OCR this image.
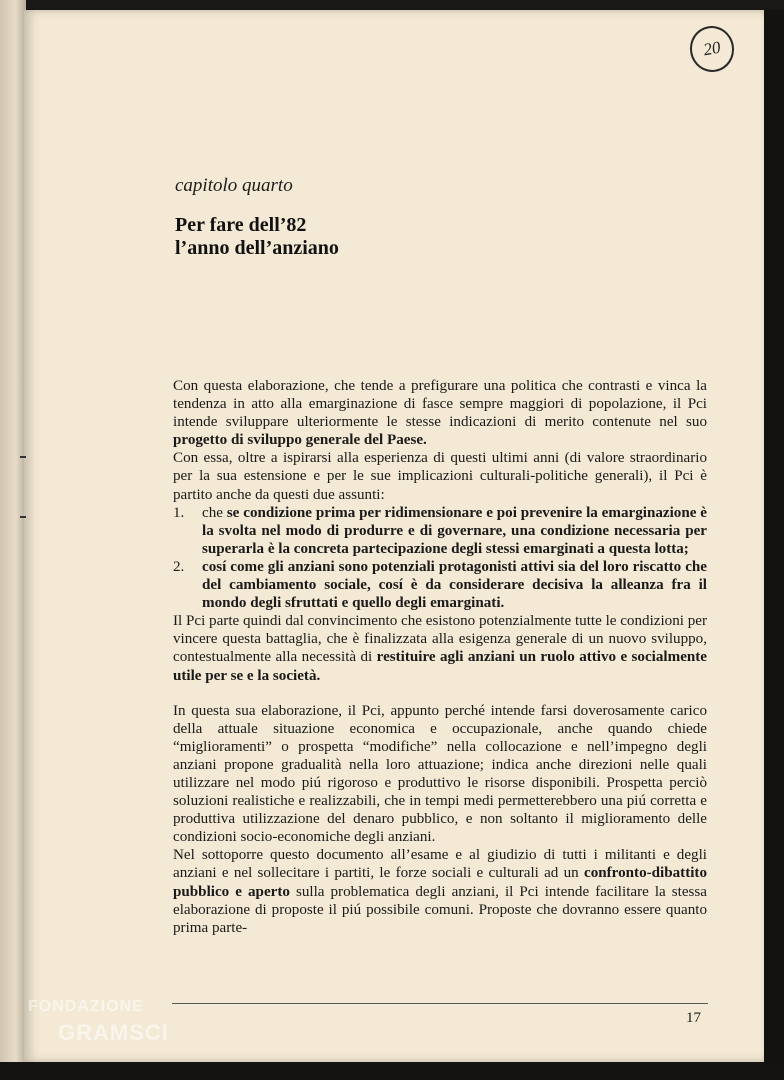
20
capitolo quarto
Per fare dell’82
l’anno dell’anziano

Con questa elaborazione, che tende a prefigurare una politica che contrasti e vinca la tendenza in atto alla emarginazione di fasce sempre maggiori di popolazione, il Pci intende sviluppare ulteriormente le stesse indicazioni di merito contenute nel suo progetto di sviluppo generale del Paese.

Con essa, oltre a ispirarsi alla esperienza di questi ultimi anni (di valore straordinario per la sua estensione e per le sue implicazioni culturali-politiche generali), il Pci è partito anche da questi due assunti:

1. che se condizione prima per ridimensionare e poi prevenire la emarginazione è la svolta nel modo di produrre e di governare, una condizione necessaria per superarla è la concreta partecipazione degli stessi emarginati a questa lotta;
2. cosí come gli anziani sono potenziali protagonisti attivi sia del loro riscatto che del cambiamento sociale, cosí è da considerare decisiva la alleanza fra il mondo degli sfruttati e quello degli emarginati.

Il Pci parte quindi dal convincimento che esistono potenzialmente tutte le condizioni per vincere questa battaglia, che è finalizzata alla esigenza generale di un nuovo sviluppo, contestualmente alla necessità di restituire agli anziani un ruolo attivo e socialmente utile per se e la società.

In questa sua elaborazione, il Pci, appunto perché intende farsi doverosamente carico della attuale situazione economica e occupazionale, anche quando chiede “miglioramenti” o prospetta “modifiche” nella collocazione e nell’impegno degli anziani propone gradualità nella loro attuazione; indica anche direzioni nelle quali utilizzare nel modo piú rigoroso e produttivo le risorse disponibili. Prospetta perciò soluzioni realistiche e realizzabili, che in tempi medi permetterebbero una piú corretta e produttiva utilizzazione del denaro pubblico, e non soltanto il miglioramento delle condizioni socio-economiche degli anziani.

Nel sottoporre questo documento all’esame e al giudizio di tutti i militanti e degli anziani e nel sollecitare i partiti, le forze sociali e culturali ad un confronto-dibattito pubblico e aperto sulla problematica degli anziani, il Pci intende facilitare la stessa elaborazione di proposte il piú possibile comuni. Proposte che dovranno essere quanto prima parte-

17
FONDAZIONE
GRAMSCI
